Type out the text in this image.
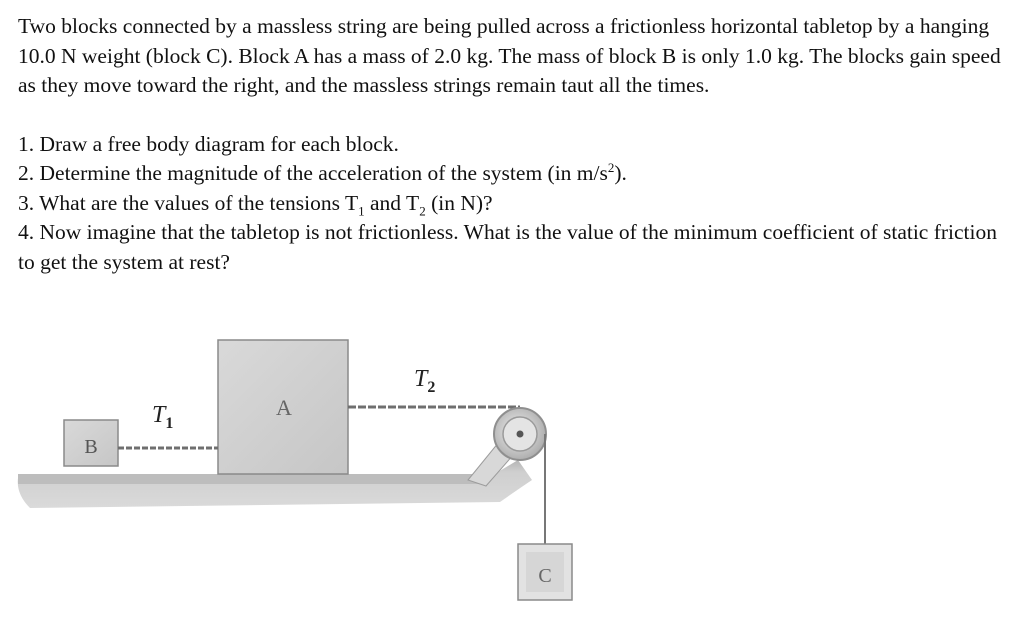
Two blocks connected by a massless string are being pulled across a frictionless horizontal tabletop by a hanging 10.0 N weight (block C). Block A has a mass of 2.0 kg. The mass of block B is only 1.0 kg. The blocks gain speed as they move toward the right, and the massless strings remain taut all the times.

1. Draw a free body diagram for each block.

2. Determine the magnitude of the acceleration of the system (in $m/s^2$).

3. What are the values of the tensions $T_1$ and $T_2$ (in N)?

4. Now imagine that the tabletop is not frictionless. What is the value of the minimum coefficient of static friction to get the system at rest?

B
A
$T_1$
$T_2$
C
